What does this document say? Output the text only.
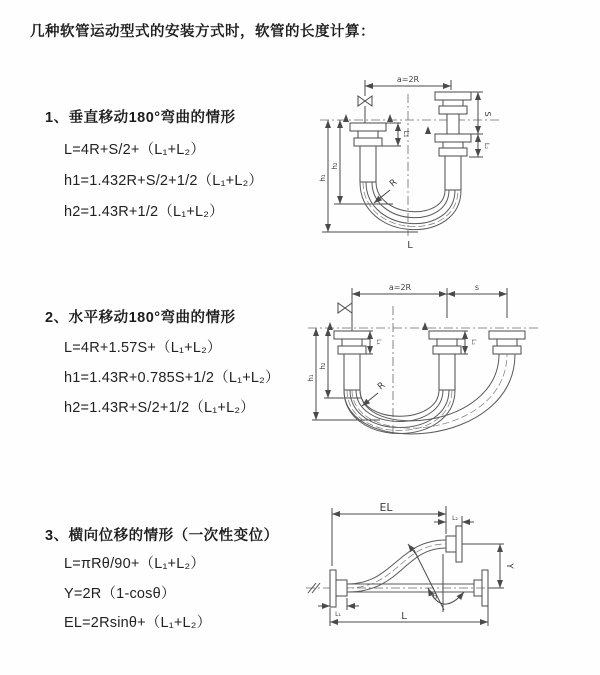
几种软管运动型式的安装方式时，软管的长度计算：
1、垂直移动180°弯曲的情形
L=4R+S/2+（L₁+L₂）
h1=1.432R+S/2+1/2（L₁+L₂）
h2=1.43R+1/2（L₁+L₂）
2、水平移动180°弯曲的情形
L=4R+1.57S+（L₁+L₂）
h1=1.43R+0.785S+1/2（L₁+L₂）
h2=1.43R+S/2+1/2（L₁+L₂）
3、横向位移的情形（一次性变位）
L=πRθ/90+（L₁+L₂）
Y=2R（1-cosθ）
EL=2Rsinθ+（L₁+L₂）
a=2R
L₁
S
L₂
h₁
h₂
R
L
a=2R	s
L₁	L₂
h₁
h₂
R
EL
L₂
Y
θ
L
L₁
